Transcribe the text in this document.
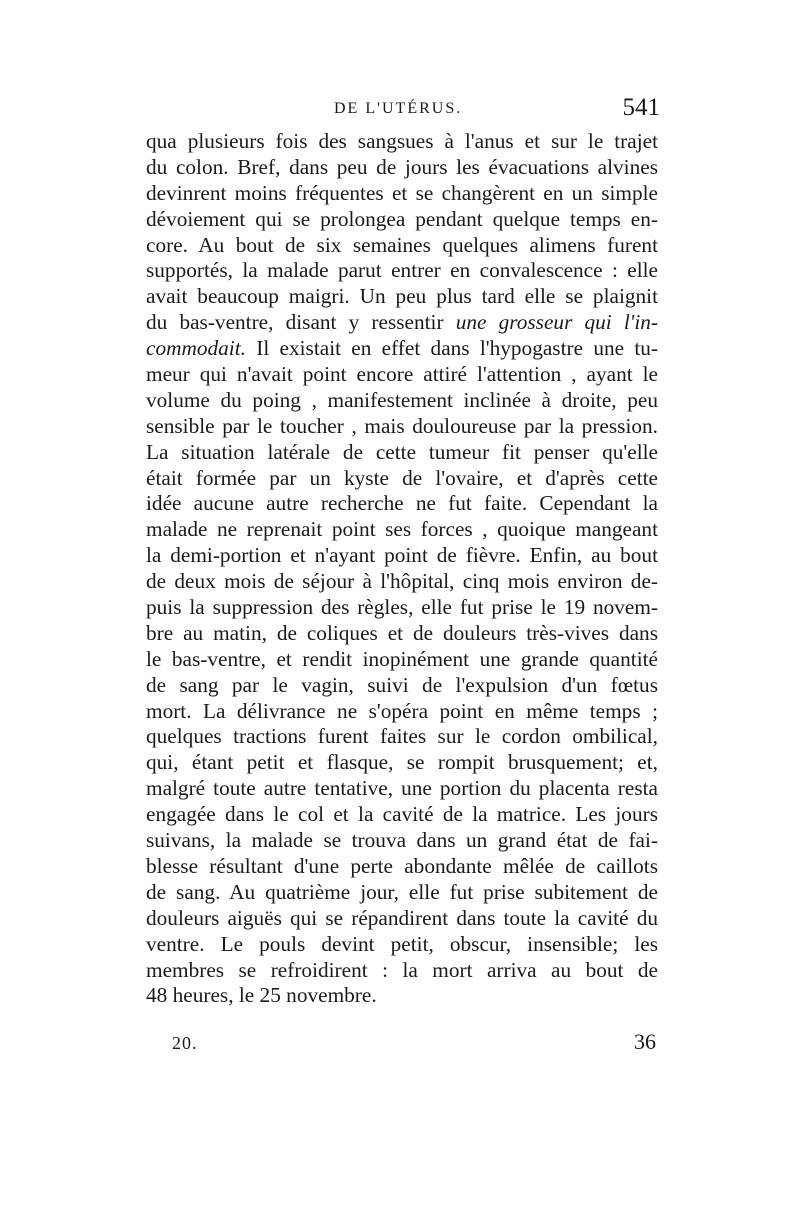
DE L'UTÉRUS.	541
qua plusieurs fois des sangsues à l'anus et sur le trajet
du colon. Bref, dans peu de jours les évacuations alvines
devinrent moins fréquentes et se changèrent en un simple
dévoiement qui se prolongea pendant quelque temps en-
core. Au bout de six semaines quelques alimens furent
supportés, la malade parut entrer en convalescence : elle
avait beaucoup maigri. Un peu plus tard elle se plaignit
du bas-ventre, disant y ressentir une grosseur qui l'in-
commodait. Il existait en effet dans l'hypogastre une tu-
meur qui n'avait point encore attiré l'attention , ayant le
volume du poing , manifestement inclinée à droite, peu
sensible par le toucher , mais douloureuse par la pression.
La situation latérale de cette tumeur fit penser qu'elle
était formée par un kyste de l'ovaire, et d'après cette
idée aucune autre recherche ne fut faite. Cependant la
malade ne reprenait point ses forces , quoique mangeant
la demi-portion et n'ayant point de fièvre. Enfin, au bout
de deux mois de séjour à l'hôpital, cinq mois environ de-
puis la suppression des règles, elle fut prise le 19 novem-
bre au matin, de coliques et de douleurs très-vives dans
le bas-ventre, et rendit inopinément une grande quantité
de sang par le vagin, suivi de l'expulsion d'un fœtus
mort. La délivrance ne s'opéra point en même temps ;
quelques tractions furent faites sur le cordon ombilical,
qui, étant petit et flasque, se rompit brusquement; et,
malgré toute autre tentative, une portion du placenta resta
engagée dans le col et la cavité de la matrice. Les jours
suivans, la malade se trouva dans un grand état de fai-
blesse résultant d'une perte abondante mêlée de caillots
de sang. Au quatrième jour, elle fut prise subitement de
douleurs aiguës qui se répandirent dans toute la cavité du
ventre. Le pouls devint petit, obscur, insensible; les
membres se refroidirent : la mort arriva au bout de
48 heures, le 25 novembre.
20.	36
